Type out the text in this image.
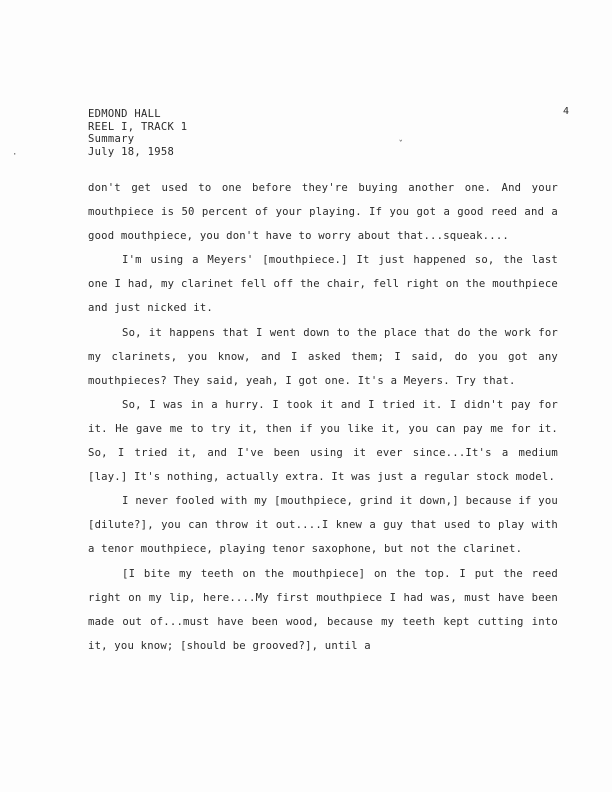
EDMOND HALL
REEL I, TRACK 1
Summary
July 18, 1958
4
·
ˇ

don't get used to one before they're buying another one. And your mouthpiece is 50 percent of your playing. If you got a good reed and a good mouthpiece, you don't have to worry about that...squeak....

I'm using a Meyers' [mouthpiece.] It just happened so, the last one I had, my clarinet fell off the chair, fell right on the mouthpiece and just nicked it.

So, it happens that I went down to the place that do the work for my clarinets, you know, and I asked them; I said, do you got any mouthpieces? They said, yeah, I got one. It's a Meyers. Try that.

So, I was in a hurry. I took it and I tried it. I didn't pay for it. He gave me to try it, then if you like it, you can pay me for it. So, I tried it, and I've been using it ever since...It's a medium [lay.] It's nothing, actually extra. It was just a regular stock model.

I never fooled with my [mouthpiece, grind it down,] because if you [dilute?], you can throw it out....I knew a guy that used to play with a tenor mouthpiece, playing tenor saxophone, but not the clarinet.

[I bite my teeth on the mouthpiece] on the top. I put the reed right on my lip, here....My first mouthpiece I had was, must have been made out of...must have been wood, because my teeth kept cutting into it, you know; [should be grooved?], until a
